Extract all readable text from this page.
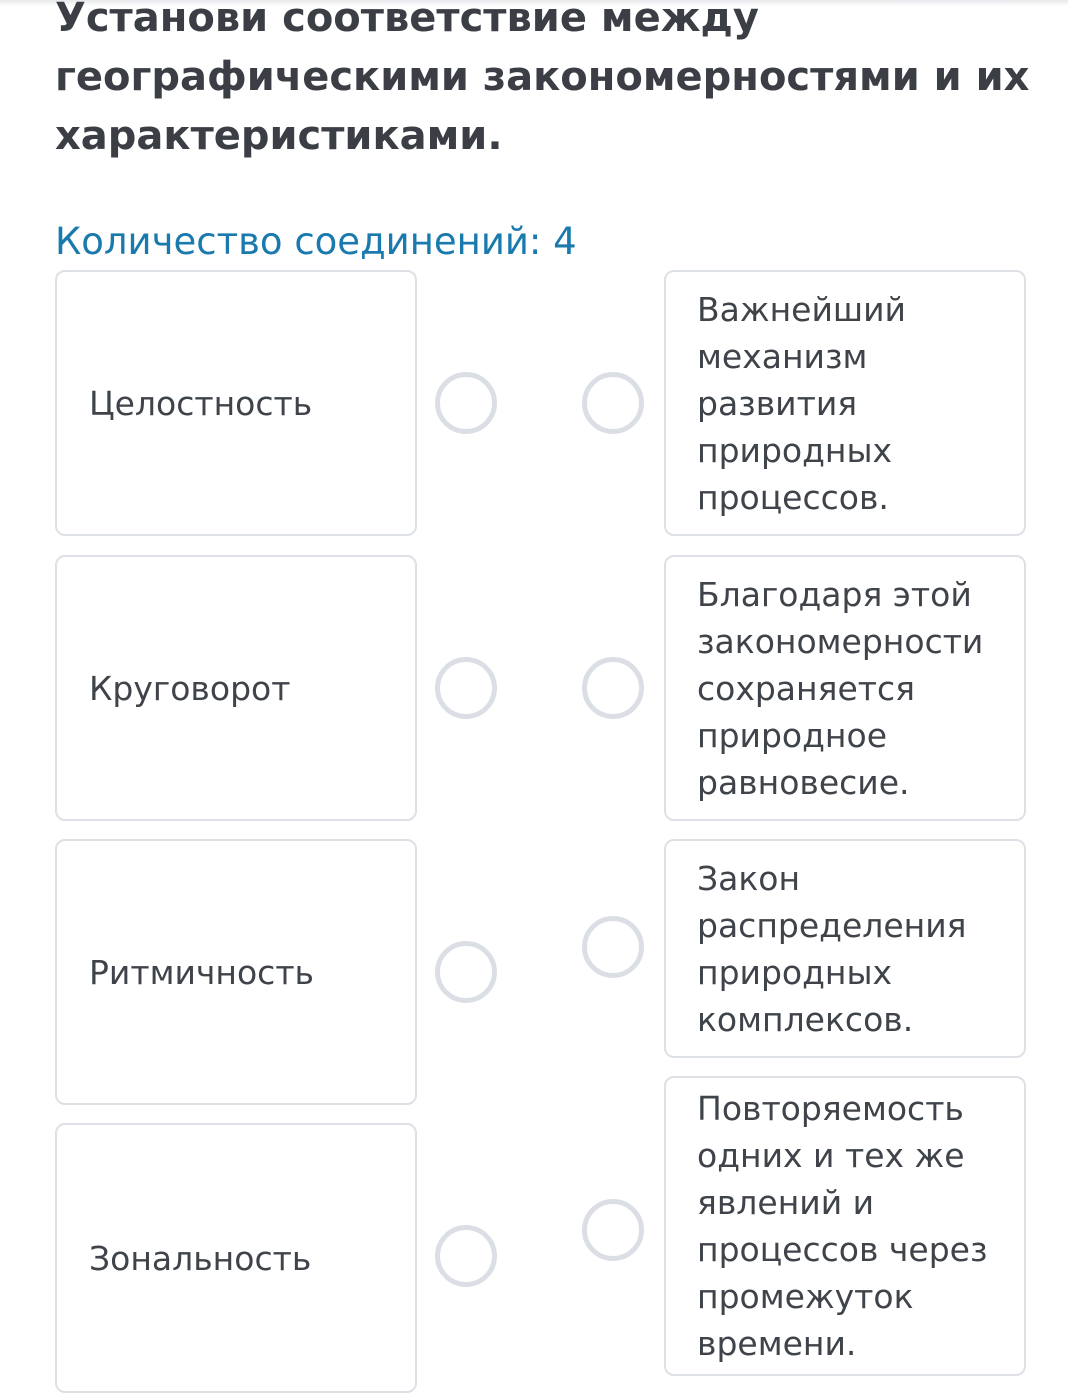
Установи соответствие между географическими закономерностями и их характеристиками.
Количество соединений: 4
Целостность
Круговорот
Ритмичность
Зональность
Важнейший механизм развития природных процессов.
Благодаря этой закономерности сохраняется природное равновесие.
Закон распределения природных комплексов.
Повторяемость одних и тех же явлений и процессов через промежуток времени.
